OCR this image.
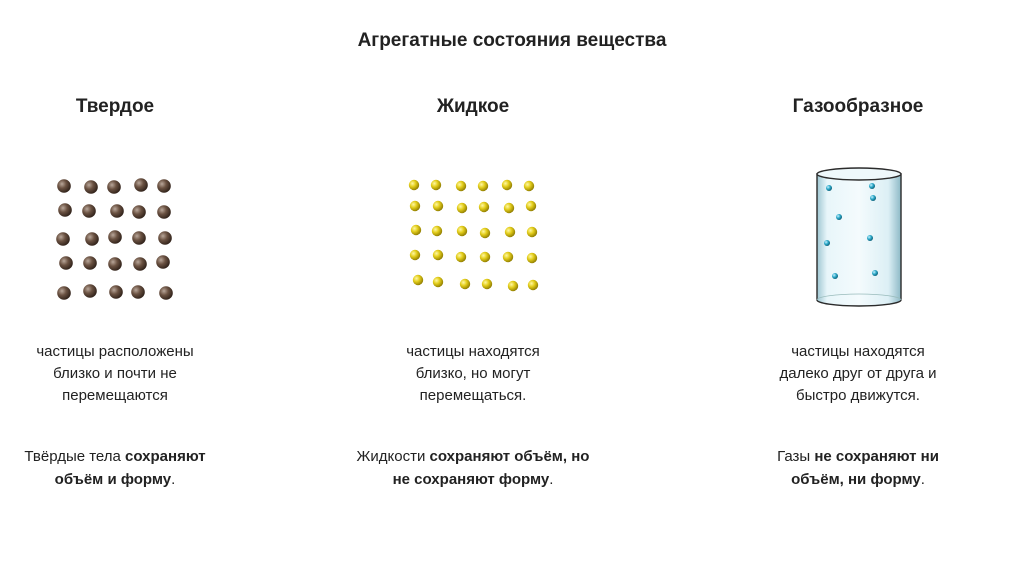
Агрегатные состояния вещества
Твердое
частицы расположены
близко и почти не
перемещаются
Твёрдые тела сохраняют
объём и форму.
Жидкое
частицы находятся
близко, но могут
перемещаться.
Жидкости сохраняют объём, но
не сохраняют форму.
Газообразное
частицы находятся
далеко друг от друга и
быстро движутся.
Газы не сохраняют ни
объём, ни форму.
